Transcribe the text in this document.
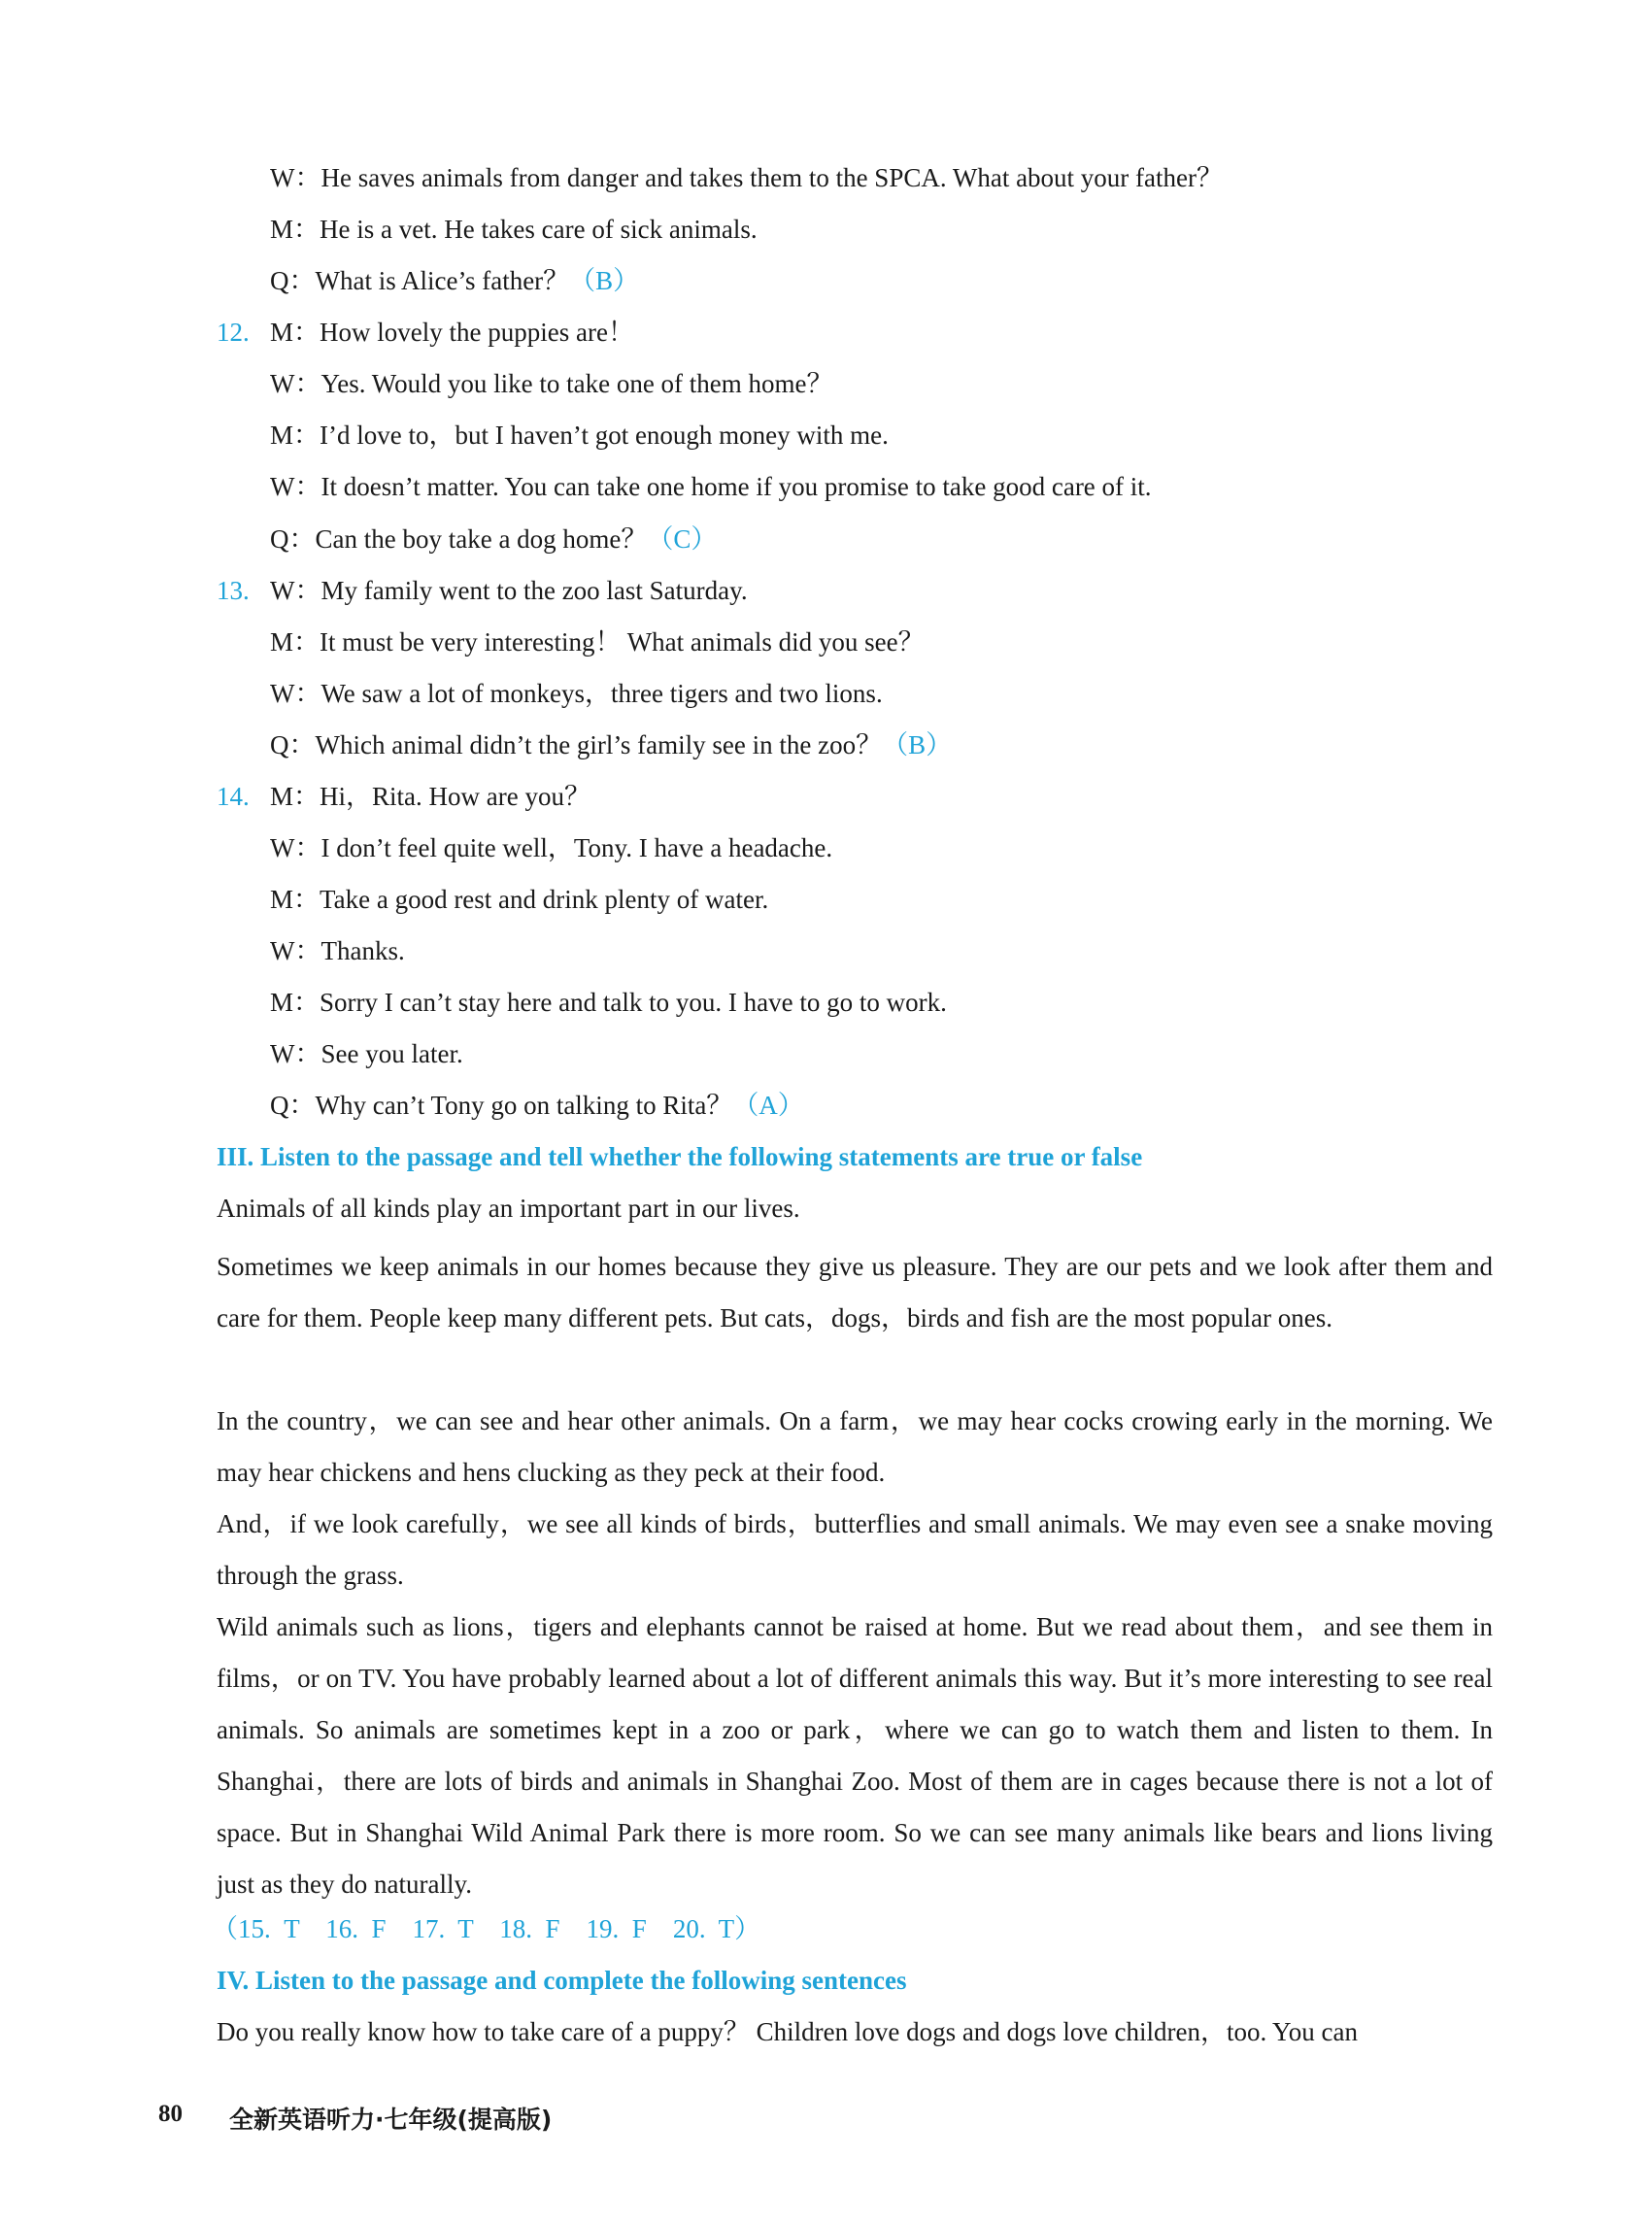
W：He saves animals from danger and takes them to the SPCA. What about your father？
M：He is a vet. He takes care of sick animals.
Q：What is Alice’s father？（B）
12. M：How lovely the puppies are！
W：Yes. Would you like to take one of them home？
M：I’d love to，but I haven’t got enough money with me.
W：It doesn’t matter. You can take one home if you promise to take good care of it.
Q：Can the boy take a dog home？（C）
13. W：My family went to the zoo last Saturday.
M：It must be very interesting！ What animals did you see？
W：We saw a lot of monkeys，three tigers and two lions.
Q：Which animal didn’t the girl’s family see in the zoo？（B）
14. M：Hi，Rita. How are you？
W：I don’t feel quite well，Tony. I have a headache.
M：Take a good rest and drink plenty of water.
W：Thanks.
M：Sorry I can’t stay here and talk to you. I have to go to work.
W：See you later.
Q：Why can’t Tony go on talking to Rita？（A）
III. Listen to the passage and tell whether the following statements are true or false
Animals of all kinds play an important part in our lives.
Sometimes we keep animals in our homes because they give us pleasure. They are our pets and we look after them and care for them. People keep many different pets. But cats，dogs，birds and fish are the most popular ones.
In the country，we can see and hear other animals. On a farm，we may hear cocks crowing early in the morning. We may hear chickens and hens clucking as they peck at their food.
And，if we look carefully，we see all kinds of birds，butterflies and small animals. We may even see a snake moving through the grass.
Wild animals such as lions，tigers and elephants cannot be raised at home. But we read about them，and see them in films，or on TV. You have probably learned about a lot of different animals this way. But it’s more interesting to see real animals. So animals are sometimes kept in a zoo or park，where we can go to watch them and listen to them. In Shanghai，there are lots of birds and animals in Shanghai Zoo. Most of them are in cages because there is not a lot of space. But in Shanghai Wild Animal Park there is more room. So we can see many animals like bears and lions living just as they do naturally.
（15.  T    16.  F    17.  T    18.  F    19.  F    20.  T）
IV. Listen to the passage and complete the following sentences
Do you really know how to take care of a puppy？ Children love dogs and dogs love children，too. You can
80 全新英语听力·七年级(提高版)
